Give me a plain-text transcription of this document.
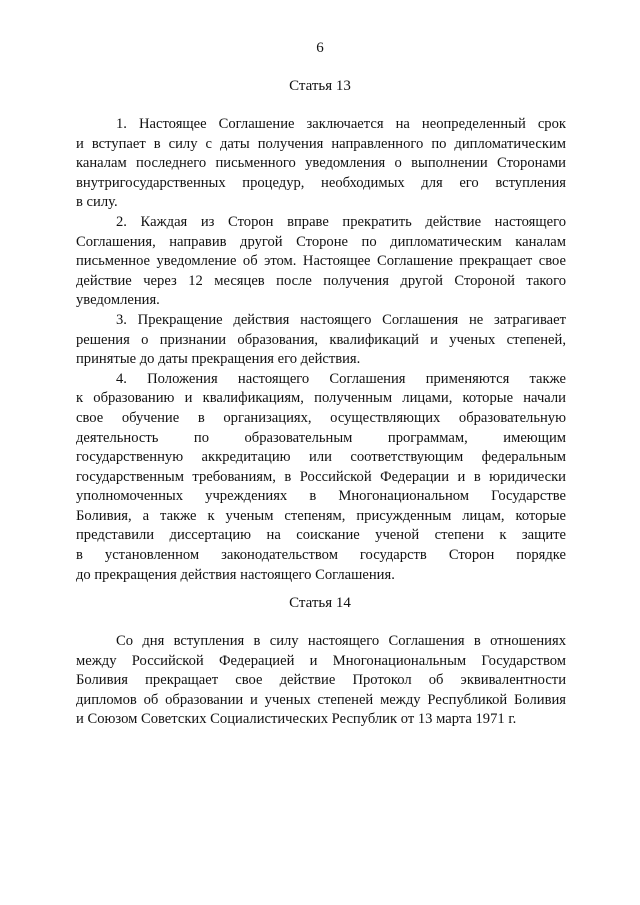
6
Статья 13
1. Настоящее Соглашение заключается на неопределенный срок
и вступает в силу с даты получения направленного по дипломатическим
каналам последнего письменного уведомления о выполнении Сторонами
внутригосударственных процедур, необходимых для его вступления
в силу.
2. Каждая из Сторон вправе прекратить действие настоящего
Соглашения, направив другой Стороне по дипломатическим каналам
письменное уведомление об этом. Настоящее Соглашение прекращает свое
действие через 12 месяцев после получения другой Стороной такого
уведомления.
3. Прекращение действия настоящего Соглашения не затрагивает
решения о признании образования, квалификаций и ученых степеней,
принятые до даты прекращения его действия.
4. Положения настоящего Соглашения применяются также
к образованию и квалификациям, полученным лицами, которые начали
свое обучение в организациях, осуществляющих образовательную
деятельность по образовательным программам, имеющим
государственную аккредитацию или соответствующим федеральным
государственным требованиям, в Российской Федерации и в юридически
уполномоченных учреждениях в Многонациональном Государстве
Боливия, а также к ученым степеням, присужденным лицам, которые
представили диссертацию на соискание ученой степени к защите
в установленном законодательством государств Сторон порядке
до прекращения действия настоящего Соглашения.
Статья 14
Со дня вступления в силу настоящего Соглашения в отношениях
между Российской Федерацией и Многонациональным Государством
Боливия прекращает свое действие Протокол об эквивалентности
дипломов об образовании и ученых степеней между Республикой Боливия
и Союзом Советских Социалистических Республик от 13 марта 1971 г.
